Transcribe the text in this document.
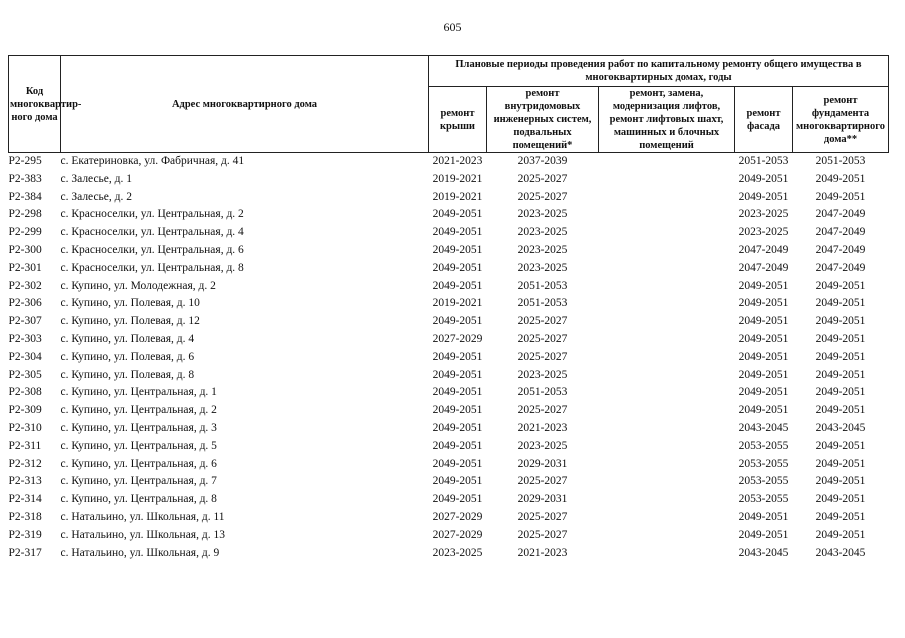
605
Код многоквартир-ного дома	Адрес многоквартирного дома	Плановые периоды проведения работ по капитальному ремонту общего имущества в многоквартирных домах, годы				
		ремонт крыши	ремонт внутридомовых инженерных систем, подвальных помещений*	ремонт, замена, модернизация лифтов, ремонт лифтовых шахт, машинных и блочных помещений	ремонт фасада	ремонт фундамента многоквартирного дома**
Р2-295	с. Екатериновка, ул. Фабричная, д. 41	2021-2023	2037-2039		2051-2053	2051-2053
Р2-383	с. Залесье, д. 1	2019-2021	2025-2027		2049-2051	2049-2051
Р2-384	с. Залесье, д. 2	2019-2021	2025-2027		2049-2051	2049-2051
Р2-298	с. Красноселки, ул. Центральная, д. 2	2049-2051	2023-2025		2023-2025	2047-2049
Р2-299	с. Красноселки, ул. Центральная, д. 4	2049-2051	2023-2025		2023-2025	2047-2049
Р2-300	с. Красноселки, ул. Центральная, д. 6	2049-2051	2023-2025		2047-2049	2047-2049
Р2-301	с. Красноселки, ул. Центральная, д. 8	2049-2051	2023-2025		2047-2049	2047-2049
Р2-302	с. Купино, ул. Молодежная, д. 2	2049-2051	2051-2053		2049-2051	2049-2051
Р2-306	с. Купино, ул. Полевая, д. 10	2019-2021	2051-2053		2049-2051	2049-2051
Р2-307	с. Купино, ул. Полевая, д. 12	2049-2051	2025-2027		2049-2051	2049-2051
Р2-303	с. Купино, ул. Полевая, д. 4	2027-2029	2025-2027		2049-2051	2049-2051
Р2-304	с. Купино, ул. Полевая, д. 6	2049-2051	2025-2027		2049-2051	2049-2051
Р2-305	с. Купино, ул. Полевая, д. 8	2049-2051	2023-2025		2049-2051	2049-2051
Р2-308	с. Купино, ул. Центральная, д. 1	2049-2051	2051-2053		2049-2051	2049-2051
Р2-309	с. Купино, ул. Центральная, д. 2	2049-2051	2025-2027		2049-2051	2049-2051
Р2-310	с. Купино, ул. Центральная, д. 3	2049-2051	2021-2023		2043-2045	2043-2045
Р2-311	с. Купино, ул. Центральная, д. 5	2049-2051	2023-2025		2053-2055	2049-2051
Р2-312	с. Купино, ул. Центральная, д. 6	2049-2051	2029-2031		2053-2055	2049-2051
Р2-313	с. Купино, ул. Центральная, д. 7	2049-2051	2025-2027		2053-2055	2049-2051
Р2-314	с. Купино, ул. Центральная, д. 8	2049-2051	2029-2031		2053-2055	2049-2051
Р2-318	с. Натальино, ул. Школьная, д. 11	2027-2029	2025-2027		2049-2051	2049-2051
Р2-319	с. Натальино, ул. Школьная, д. 13	2027-2029	2025-2027		2049-2051	2049-2051
Р2-317	с. Натальино, ул. Школьная, д. 9	2023-2025	2021-2023		2043-2045	2043-2045
